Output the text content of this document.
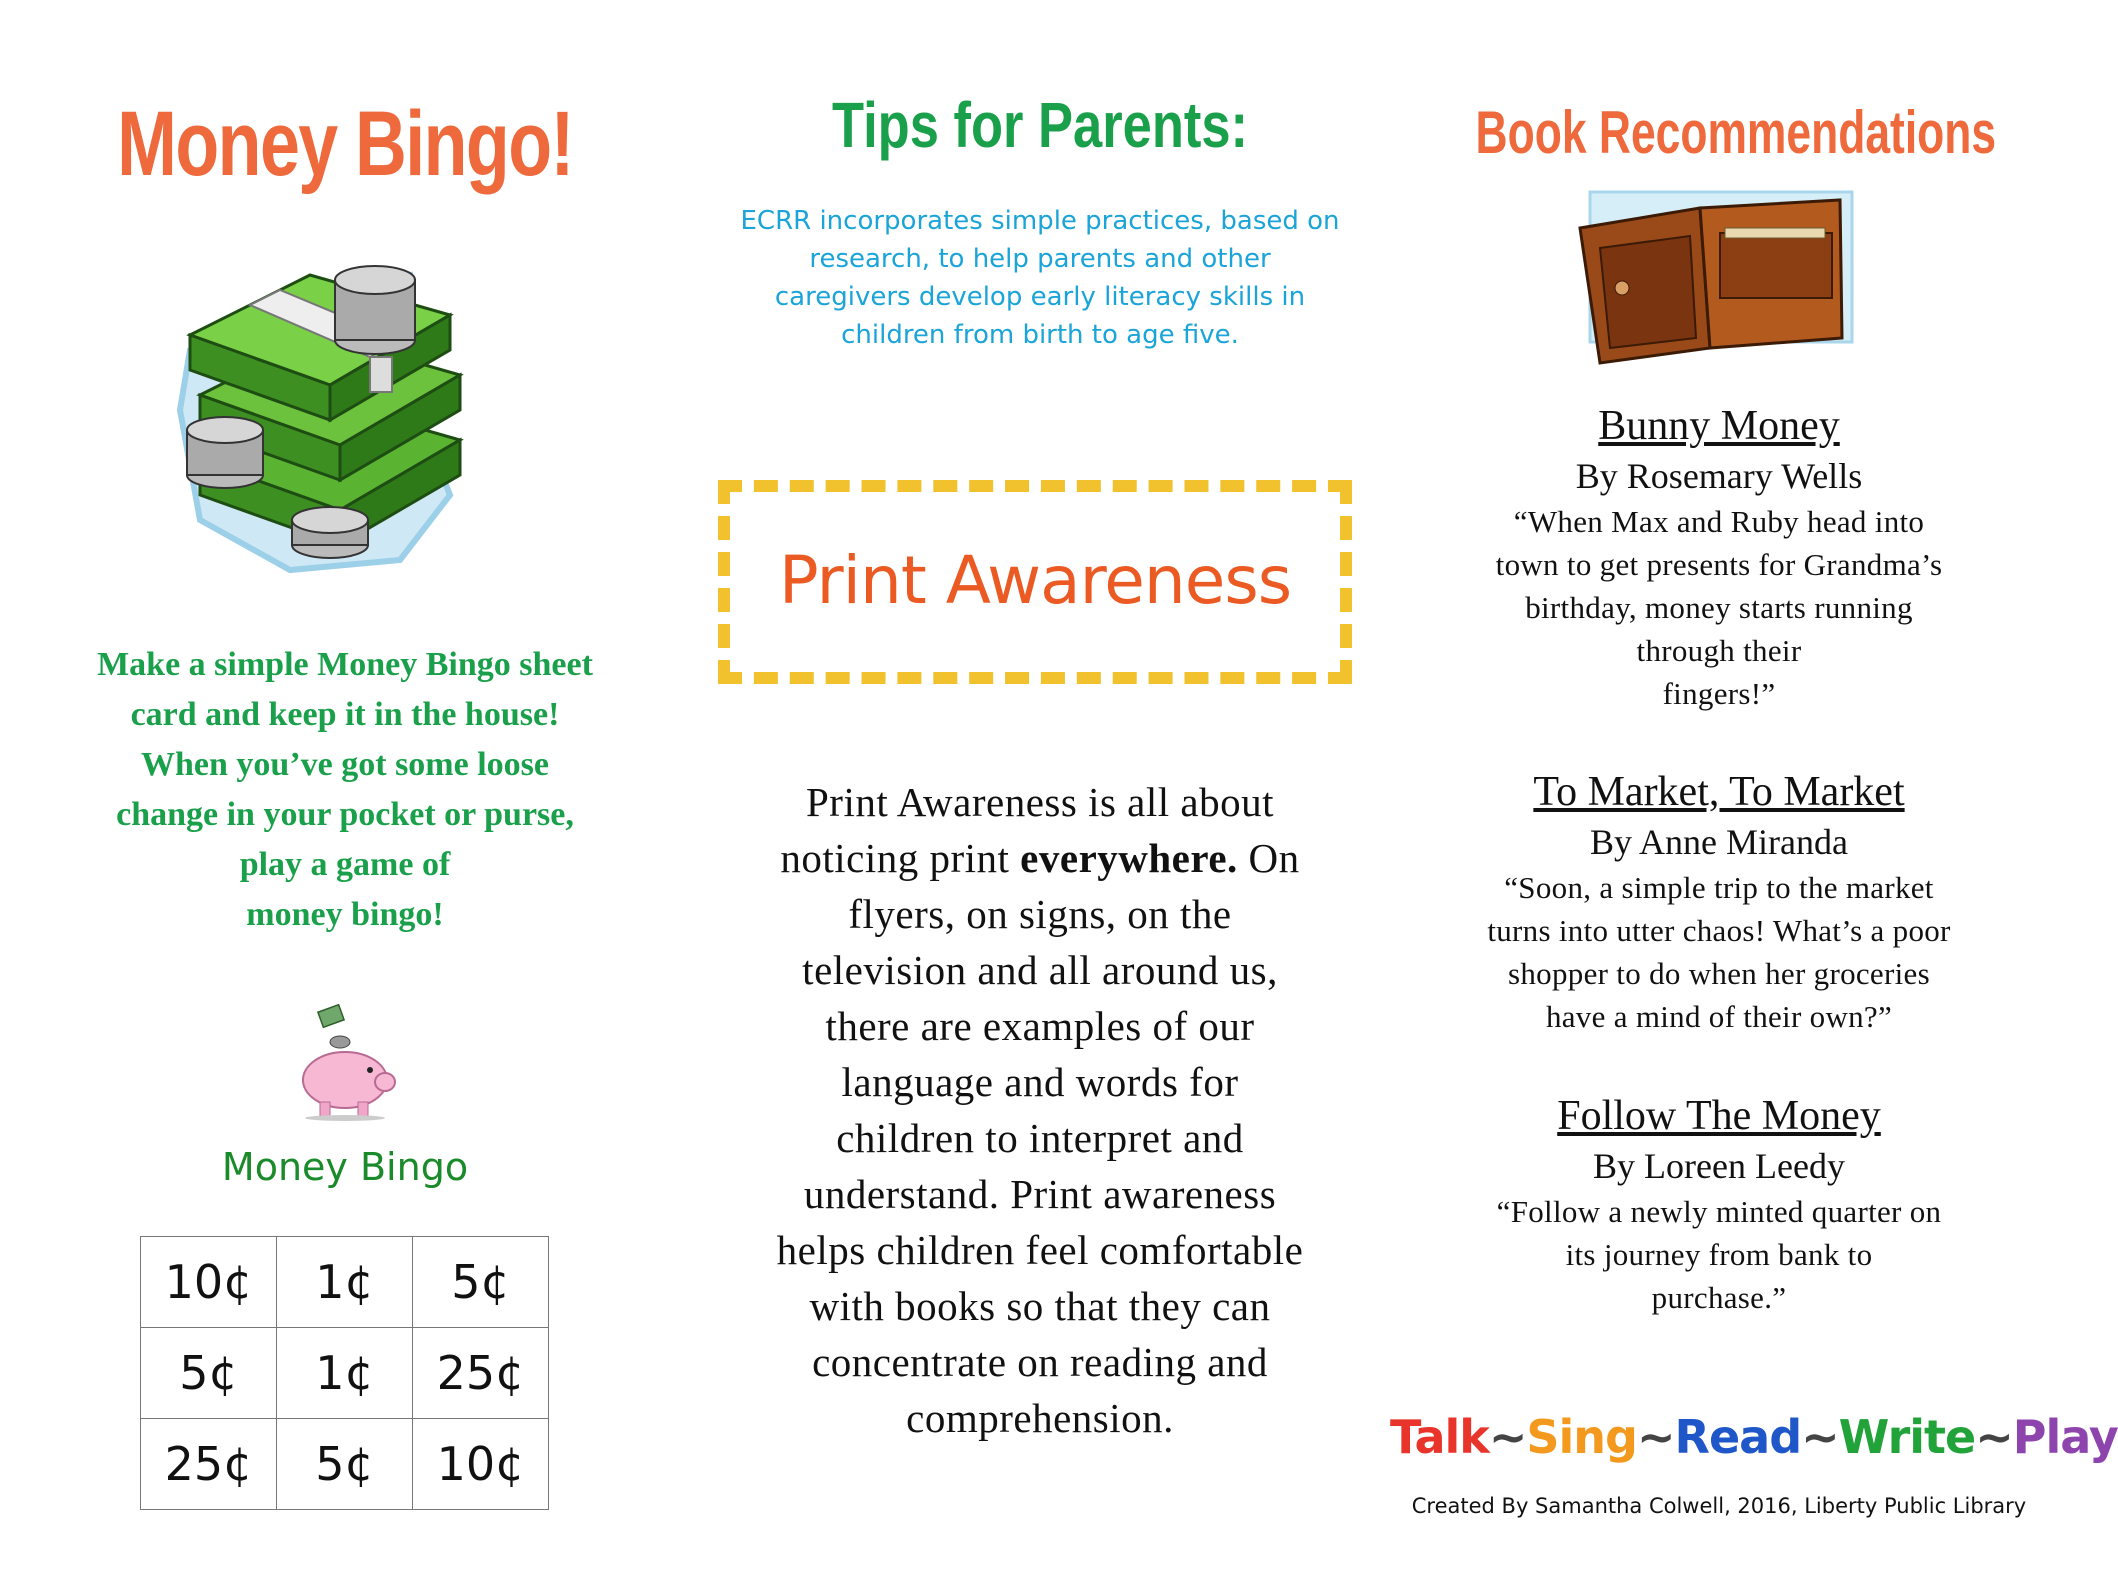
Money Bingo!
Make a simple Money Bingo sheet
card and keep it in the house!
When you’ve got some loose
change in your pocket or purse,
play a game of
money bingo!
Money Bingo
10¢	1¢	5¢
5¢	1¢	25¢
25¢	5¢	10¢
Tips for Parents:
ECRR incorporates simple practices, based on
research, to help parents and other
caregivers develop early literacy skills in
children from birth to age five.
Print Awareness
Print Awareness is all about
noticing print everywhere. On
flyers, on signs, on the
television and all around us,
there are examples of our
language and words for
children to interpret and
understand. Print awareness
helps children feel comfortable
with books so that they can
concentrate on reading and
comprehension.
Book Recommendations
Bunny Money
By Rosemary Wells
“When Max and Ruby head into
town to get presents for Grandma’s
birthday, money starts running
through their
fingers!”
To Market, To Market
By Anne Miranda
“Soon, a simple trip to the market
turns into utter chaos! What’s a poor
shopper to do when her groceries
have a mind of their own?”
Follow The Money
By Loreen Leedy
“Follow a newly minted quarter on
its journey from bank to
purchase.”
Talk~Sing~Read~Write~Play
Created By Samantha Colwell, 2016, Liberty Public Library
